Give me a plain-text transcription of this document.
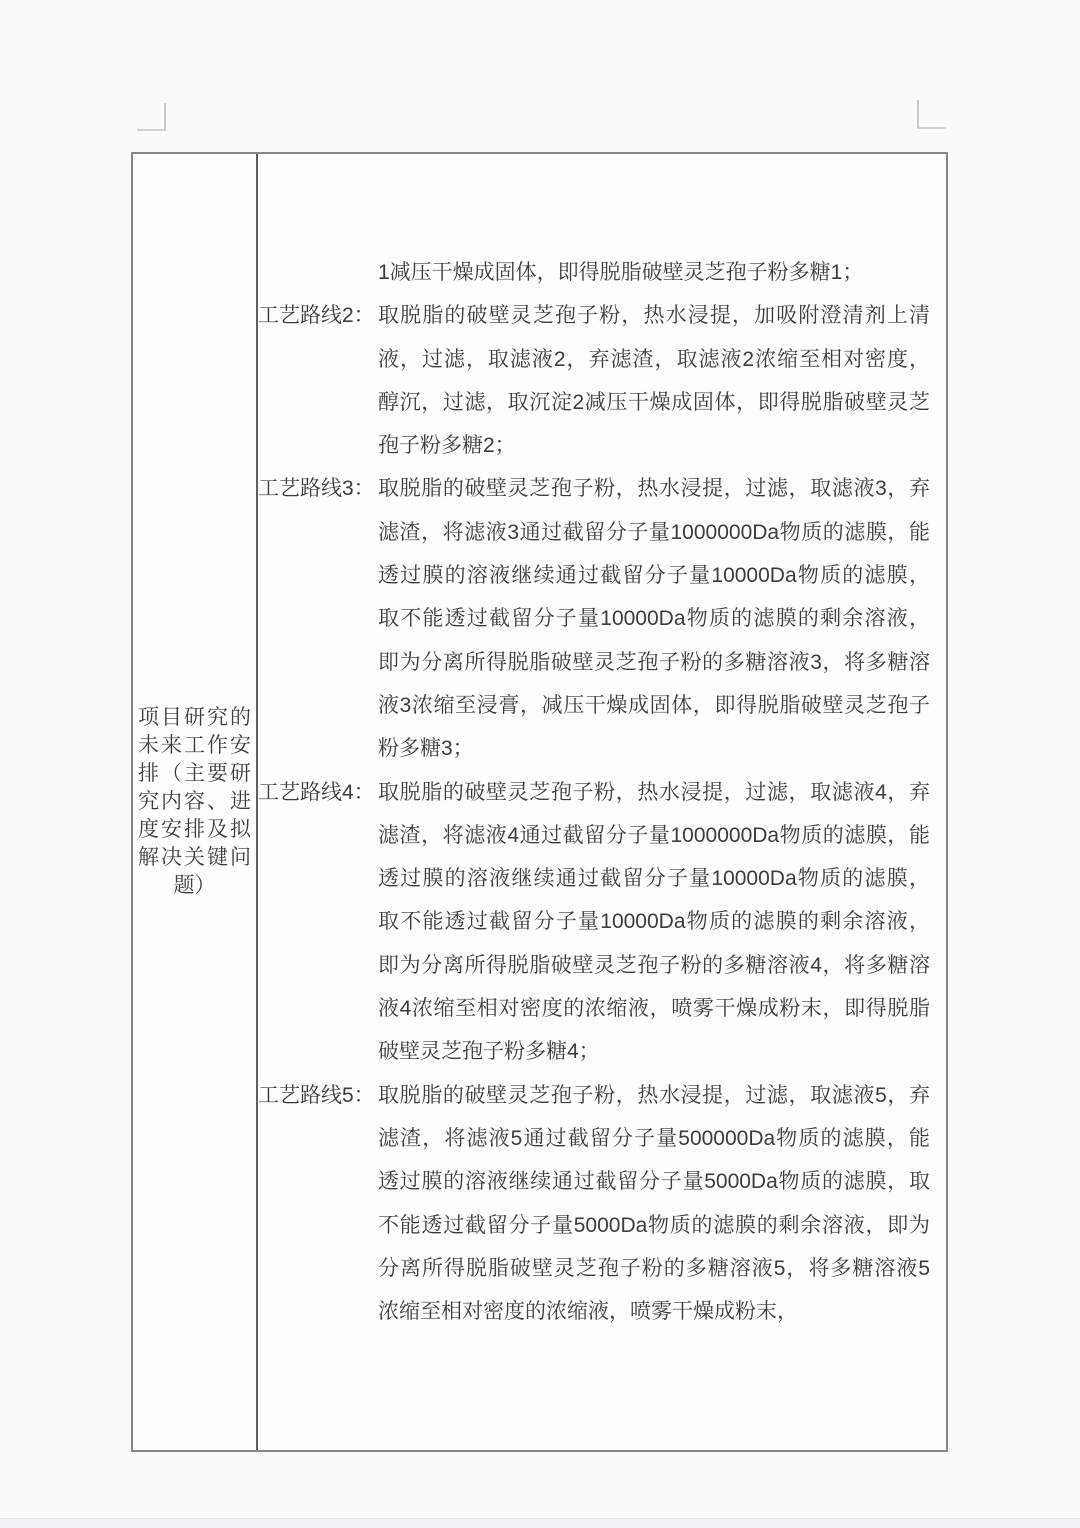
项目研究的
未来工作安
排（主要研
究内容、进
度安排及拟
解决关键问
题）
1减压干燥成固体，即得脱脂破壁灵芝孢子粉多糖1；
工艺路线2： 取脱脂的破壁灵芝孢子粉，热水浸提，加吸附澄清剂上清
液，过滤，取滤液2，弃滤渣，取滤液2浓缩至相对密度，
醇沉，过滤，取沉淀2减压干燥成固体，即得脱脂破壁灵芝
孢子粉多糖2；
工艺路线3： 取脱脂的破壁灵芝孢子粉，热水浸提，过滤，取滤液3，弃
滤渣，将滤液3通过截留分子量1000000Da物质的滤膜，能
透过膜的溶液继续通过截留分子量10000Da物质的滤膜，
取不能透过截留分子量10000Da物质的滤膜的剩余溶液，
即为分离所得脱脂破壁灵芝孢子粉的多糖溶液3，将多糖溶
液3浓缩至浸膏，减压干燥成固体，即得脱脂破壁灵芝孢子
粉多糖3；
工艺路线4： 取脱脂的破壁灵芝孢子粉，热水浸提，过滤，取滤液4，弃
滤渣，将滤液4通过截留分子量1000000Da物质的滤膜，能
透过膜的溶液继续通过截留分子量10000Da物质的滤膜，
取不能透过截留分子量10000Da物质的滤膜的剩余溶液，
即为分离所得脱脂破壁灵芝孢子粉的多糖溶液4，将多糖溶
液4浓缩至相对密度的浓缩液，喷雾干燥成粉末，即得脱脂
破壁灵芝孢子粉多糖4；
工艺路线5： 取脱脂的破壁灵芝孢子粉，热水浸提，过滤，取滤液5，弃
滤渣，将滤液5通过截留分子量500000Da物质的滤膜，能
透过膜的溶液继续通过截留分子量5000Da物质的滤膜，取
不能透过截留分子量5000Da物质的滤膜的剩余溶液，即为
分离所得脱脂破壁灵芝孢子粉的多糖溶液5，将多糖溶液5
浓缩至相对密度的浓缩液，喷雾干燥成粉末，
